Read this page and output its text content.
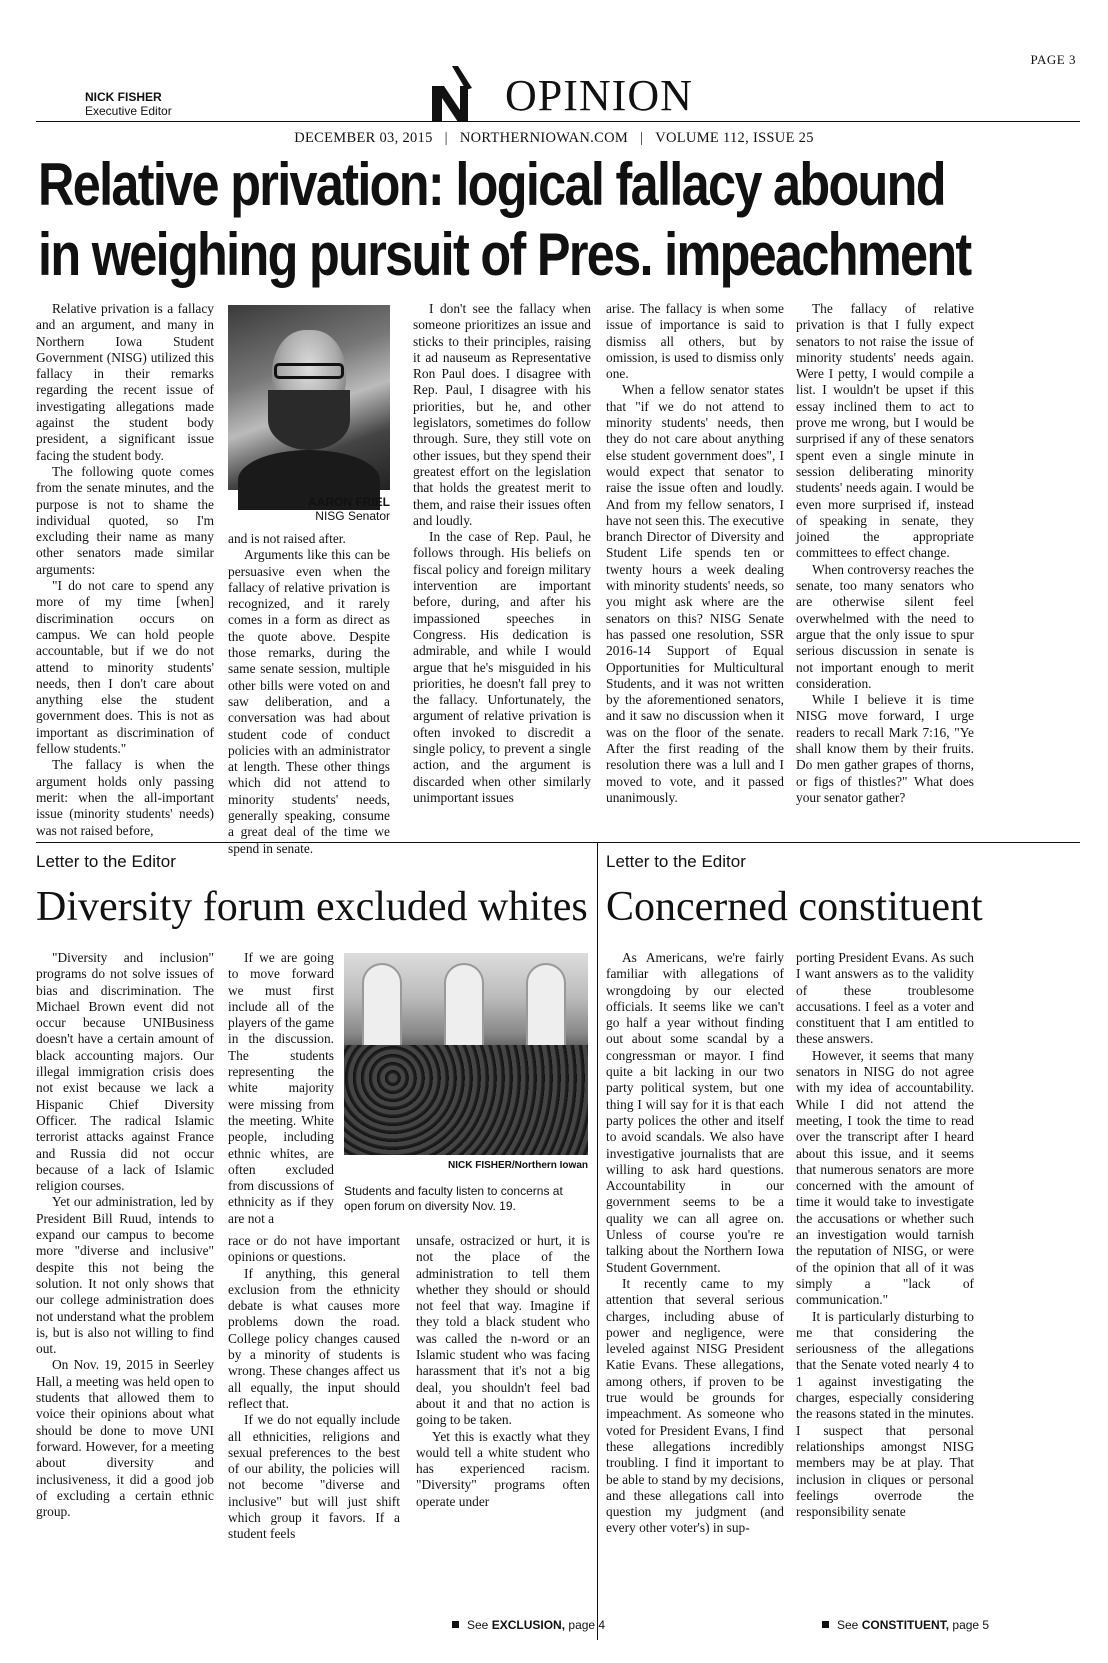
PAGE 3
NICK FISHER
Executive Editor	OPINION
DECEMBER 03, 2015 | NORTHERNIOWAN.COM | VOLUME 112, ISSUE 25
Relative privation: logical fallacy abound
in weighing pursuit of Pres. impeachment

Relative privation is a fallacy and an argument, and many in Northern Iowa Student Government (NISG) utilized this fallacy in their remarks regarding the recent issue of investigating allegations made against the student body president, a significant issue facing the student body.

The following quote comes from the senate minutes, and the purpose is not to shame the individual quoted, so I'm excluding their name as many other senators made similar arguments:

"I do not care to spend any more of my time [when] discrimination occurs on campus. We can hold people accountable, but if we do not attend to minority students' needs, then I don't care about anything else the student government does. This is not as important as discrimination of fellow students."

The fallacy is when the argument holds only passing merit: when the all-important issue (minority students' needs) was not raised before,

AARON FRIEL
NISG Senator

and is not raised after.

Arguments like this can be persuasive even when the fallacy of relative privation is recognized, and it rarely comes in a form as direct as the quote above. Despite those remarks, during the same senate session, multiple other bills were voted on and saw deliberation, and a conversation was had about student code of conduct policies with an administrator at length. These other things which did not attend to minority students' needs, generally speaking, consume a great deal of the time we spend in senate.

I don't see the fallacy when someone prioritizes an issue and sticks to their principles, raising it ad nauseum as Representative Ron Paul does. I disagree with Rep. Paul, I disagree with his priorities, but he, and other legislators, sometimes do follow through. Sure, they still vote on other issues, but they spend their greatest effort on the legislation that holds the greatest merit to them, and raise their issues often and loudly.

In the case of Rep. Paul, he follows through. His beliefs on fiscal policy and foreign military intervention are important before, during, and after his impassioned speeches in Congress. His dedication is admirable, and while I would argue that he's misguided in his priorities, he doesn't fall prey to the fallacy. Unfortunately, the argument of relative privation is often invoked to discredit a single policy, to prevent a single action, and the argument is discarded when other similarly unimportant issues

arise. The fallacy is when some issue of importance is said to dismiss all others, but by omission, is used to dismiss only one.

When a fellow senator states that "if we do not attend to minority students' needs, then they do not care about anything else student government does", I would expect that senator to raise the issue often and loudly. And from my fellow senators, I have not seen this. The executive branch Director of Diversity and Student Life spends ten or twenty hours a week dealing with minority students' needs, so you might ask where are the senators on this? NISG Senate has passed one resolution, SSR 2016-14 Support of Equal Opportunities for Multicultural Students, and it was not written by the aforementioned senators, and it saw no discussion when it was on the floor of the senate. After the first reading of the resolution there was a lull and I moved to vote, and it passed unanimously.

The fallacy of relative privation is that I fully expect senators to not raise the issue of minority students' needs again. Were I petty, I would compile a list. I wouldn't be upset if this essay inclined them to act to prove me wrong, but I would be surprised if any of these senators spent even a single minute in session deliberating minority students' needs again. I would be even more surprised if, instead of speaking in senate, they joined the appropriate committees to effect change.

When controversy reaches the senate, too many senators who are otherwise silent feel overwhelmed with the need to argue that the only issue to spur serious discussion in senate is not important enough to merit consideration.

While I believe it is time NISG move forward, I urge readers to recall Mark 7:16, "Ye shall know them by their fruits. Do men gather grapes of thorns, or figs of thistles?" What does your senator gather?

Letter to the Editor
Diversity forum excluded whites

"Diversity and inclusion" programs do not solve issues of bias and discrimination. The Michael Brown event did not occur because UNIBusiness doesn't have a certain amount of black accounting majors. Our illegal immigration crisis does not exist because we lack a Hispanic Chief Diversity Officer. The radical Islamic terrorist attacks against France and Russia did not occur because of a lack of Islamic religion courses.

Yet our administration, led by President Bill Ruud, intends to expand our campus to become more "diverse and inclusive" despite this not being the solution. It not only shows that our college administration does not understand what the problem is, but is also not willing to find out.

On Nov. 19, 2015 in Seerley Hall, a meeting was held open to students that allowed them to voice their opinions about what should be done to move UNI forward. However, for a meeting about diversity and inclusiveness, it did a good job of excluding a certain ethnic group.

If we are going to move forward we must first include all of the players of the game in the discussion. The students representing the white majority were missing from the meeting. White people, including ethnic whites, are often excluded from discussions of ethnicity as if they are not a

NICK FISHER/Northern Iowan
Students and faculty listen to concerns at open forum on diversity Nov. 19.

race or do not have important opinions or questions.

If anything, this general exclusion from the ethnicity debate is what causes more problems down the road. College policy changes caused by a minority of students is wrong. These changes affect us all equally, the input should reflect that.

If we do not equally include all ethnicities, religions and sexual preferences to the best of our ability, the policies will not become "diverse and inclusive" but will just shift which group it favors. If a student feels

unsafe, ostracized or hurt, it is not the place of the administration to tell them whether they should or should not feel that way. Imagine if they told a black student who was called the n-word or an Islamic student who was facing harassment that it's not a big deal, you shouldn't feel bad about it and that no action is going to be taken.

Yet this is exactly what they would tell a white student who has experienced racism. "Diversity" programs often operate under

See EXCLUSION, page 4
Letter to the Editor
Concerned constituent

As Americans, we're fairly familiar with allegations of wrongdoing by our elected officials. It seems like we can't go half a year without finding out about some scandal by a congressman or mayor. I find quite a bit lacking in our two party political system, but one thing I will say for it is that each party polices the other and itself to avoid scandals. We also have investigative journalists that are willing to ask hard questions. Accountability in our government seems to be a quality we can all agree on. Unless of course you're re talking about the Northern Iowa Student Government.

It recently came to my attention that several serious charges, including abuse of power and negligence, were leveled against NISG President Katie Evans. These allegations, among others, if proven to be true would be grounds for impeachment. As someone who voted for President Evans, I find these allegations incredibly troubling. I find it important to be able to stand by my decisions, and these allegations call into question my judgment (and every other voter's) in sup-

porting President Evans. As such I want answers as to the validity of these troublesome accusations. I feel as a voter and constituent that I am entitled to these answers.

However, it seems that many senators in NISG do not agree with my idea of accountability. While I did not attend the meeting, I took the time to read over the transcript after I heard about this issue, and it seems that numerous senators are more concerned with the amount of time it would take to investigate the accusations or whether such an investigation would tarnish the reputation of NISG, or were of the opinion that all of it was simply a "lack of communication."

It is particularly disturbing to me that considering the seriousness of the allegations that the Senate voted nearly 4 to 1 against investigating the charges, especially considering the reasons stated in the minutes. I suspect that personal relationships amongst NISG members may be at play. That inclusion in cliques or personal feelings overrode the responsibility senate

See CONSTITUENT, page 5
